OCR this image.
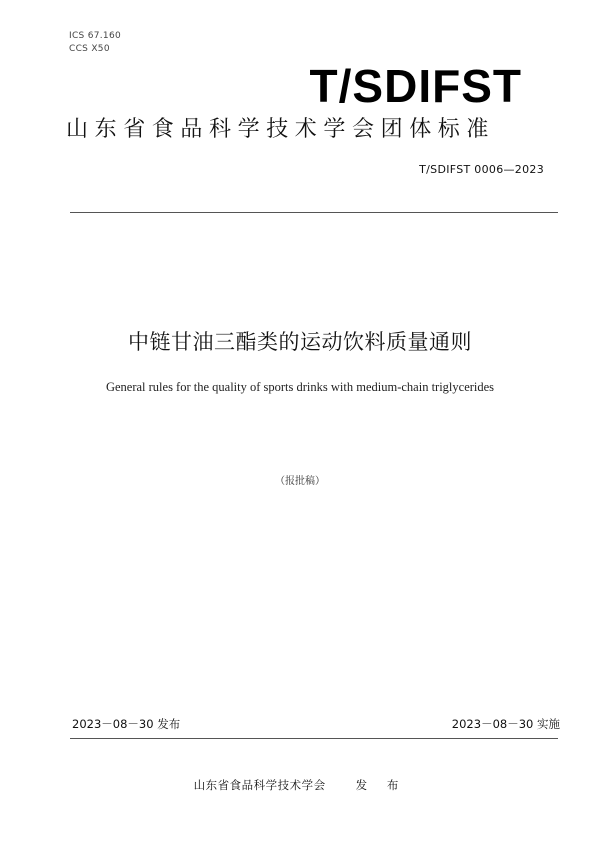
ICS 67.160
CCS X50
T/SDIFST
山东省食品科学技术学会团体标准
T/SDIFST 0006—2023
中链甘油三酯类的运动饮料质量通则
General rules for the quality of sports drinks with medium-chain triglycerides
（报批稿）
2023－08－30 发布	2023－08－30 实施
山东省食品科学技术学会	发 布
